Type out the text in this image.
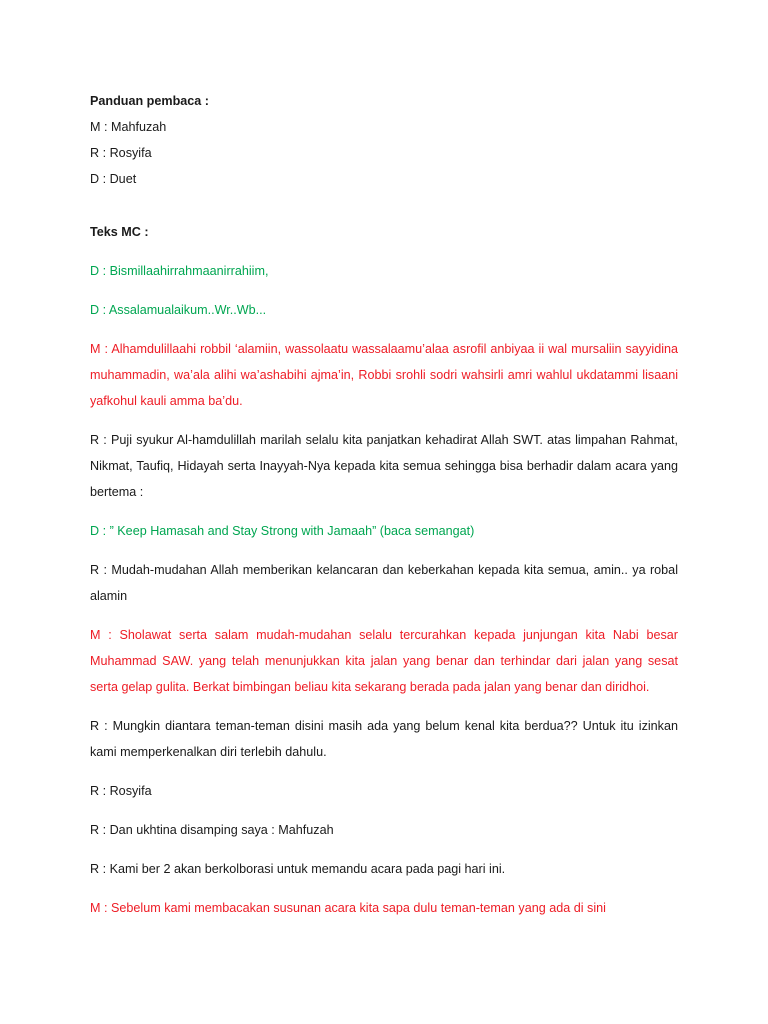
Panduan pembaca :

M : Mahfuzah

R : Rosyifa

D : Duet

Teks MC :

D : Bismillaahirrahmaanirrahiim,

D : Assalamualaikum..Wr..Wb...

M : Alhamdulillaahi robbil ‘alamiin, wassolaatu wassalaamu’alaa asrofil anbiyaa ii wal mursaliin sayyidina muhammadin, wa’ala alihi wa’ashabihi ajma’in, Robbi srohli sodri wahsirli amri wahlul ukdatammi lisaani yafkohul kauli amma ba’du.

R : Puji syukur Al-hamdulillah marilah selalu kita panjatkan kehadirat Allah SWT. atas limpahan Rahmat, Nikmat, Taufiq, Hidayah serta Inayyah-Nya kepada kita semua sehingga bisa berhadir dalam acara yang bertema :

D : ” Keep Hamasah and Stay Strong with Jamaah” (baca semangat)

R : Mudah-mudahan Allah memberikan kelancaran dan keberkahan kepada kita semua, amin.. ya robal alamin

M : Sholawat serta salam mudah-mudahan selalu tercurahkan kepada junjungan kita Nabi besar Muhammad SAW. yang telah menunjukkan kita jalan yang benar dan terhindar dari jalan yang sesat serta gelap gulita. Berkat bimbingan beliau kita sekarang berada pada jalan yang benar dan diridhoi.

R : Mungkin diantara teman-teman disini masih ada yang belum kenal kita berdua?? Untuk itu izinkan kami memperkenalkan diri terlebih dahulu.

R : Rosyifa

R : Dan ukhtina disamping saya : Mahfuzah

R : Kami ber 2 akan berkolborasi untuk memandu acara pada pagi hari ini.

M : Sebelum kami membacakan susunan acara kita sapa dulu teman-teman yang ada di sini
